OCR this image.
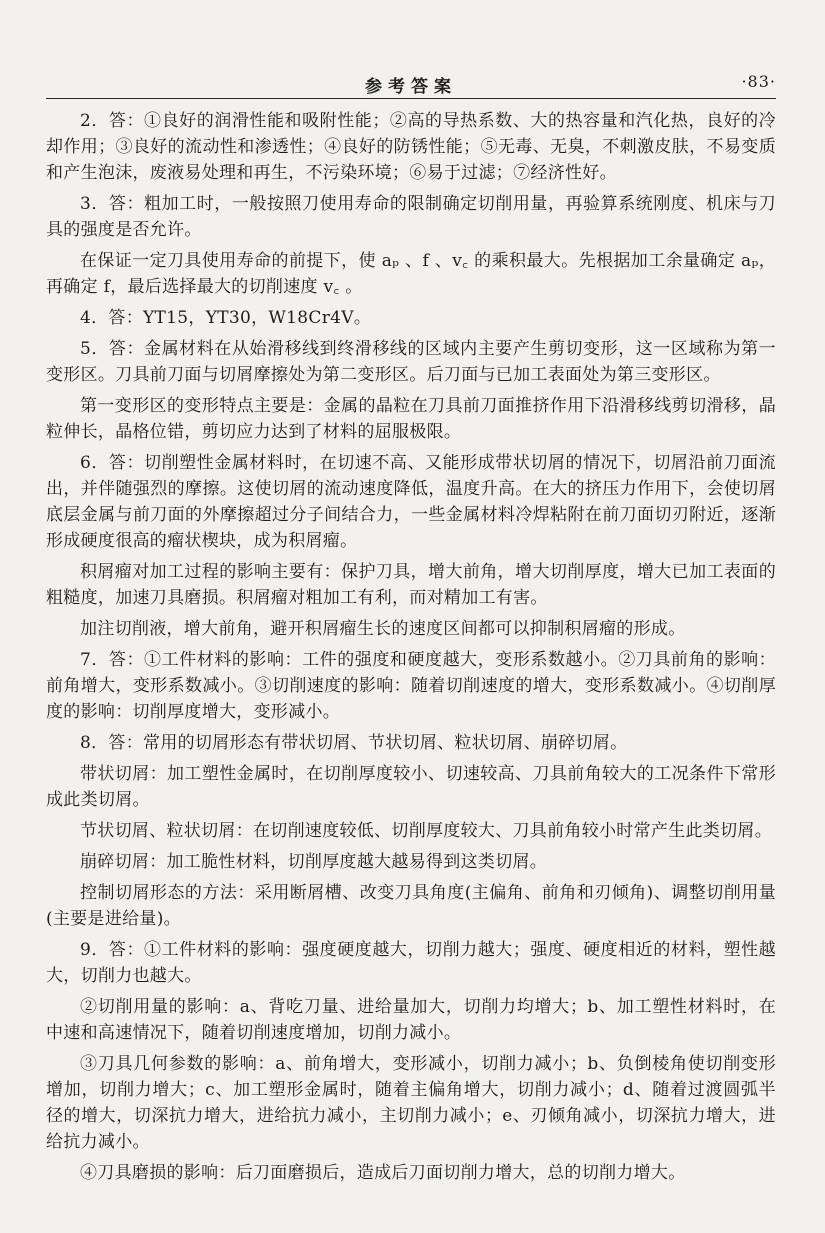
参考答案	·83·

2．答：①良好的润滑性能和吸附性能；②高的导热系数、大的热容量和汽化热，良好的冷却作用；③良好的流动性和渗透性；④良好的防锈性能；⑤无毒、无臭，不刺激皮肤，不易变质和产生泡沫，废液易处理和再生，不污染环境；⑥易于过滤；⑦经济性好。

3．答：粗加工时，一般按照刀使用寿命的限制确定切削用量，再验算系统刚度、机床与刀具的强度是否允许。

在保证一定刀具使用寿命的前提下，使 aₚ 、f 、v꜀ 的乘积最大。先根据加工余量确定 aₚ，再确定 f，最后选择最大的切削速度 v꜀ 。

4．答：YT15，YT30，W18Cr4V。

5．答：金属材料在从始滑移线到终滑移线的区域内主要产生剪切变形，这一区域称为第一变形区。刀具前刀面与切屑摩擦处为第二变形区。后刀面与已加工表面处为第三变形区。

第一变形区的变形特点主要是：金属的晶粒在刀具前刀面推挤作用下沿滑移线剪切滑移，晶粒伸长，晶格位错，剪切应力达到了材料的屈服极限。

6．答：切削塑性金属材料时，在切速不高、又能形成带状切屑的情况下，切屑沿前刀面流出，并伴随强烈的摩擦。这使切屑的流动速度降低，温度升高。在大的挤压力作用下，会使切屑底层金属与前刀面的外摩擦超过分子间结合力，一些金属材料冷焊粘附在前刀面切刃附近，逐渐形成硬度很高的瘤状楔块，成为积屑瘤。

积屑瘤对加工过程的影响主要有：保护刀具，增大前角，增大切削厚度，增大已加工表面的粗糙度，加速刀具磨损。积屑瘤对粗加工有利，而对精加工有害。

加注切削液，增大前角，避开积屑瘤生长的速度区间都可以抑制积屑瘤的形成。

7．答：①工件材料的影响：工件的强度和硬度越大，变形系数越小。②刀具前角的影响：前角增大，变形系数减小。③切削速度的影响：随着切削速度的增大，变形系数减小。④切削厚度的影响：切削厚度增大，变形减小。

8．答：常用的切屑形态有带状切屑、节状切屑、粒状切屑、崩碎切屑。

带状切屑：加工塑性金属时，在切削厚度较小、切速较高、刀具前角较大的工况条件下常形成此类切屑。

节状切屑、粒状切屑：在切削速度较低、切削厚度较大、刀具前角较小时常产生此类切屑。

崩碎切屑：加工脆性材料，切削厚度越大越易得到这类切屑。

控制切屑形态的方法：采用断屑槽、改变刀具角度(主偏角、前角和刃倾角)、调整切削用量(主要是进给量)。

9．答：①工件材料的影响：强度硬度越大，切削力越大；强度、硬度相近的材料，塑性越大，切削力也越大。

②切削用量的影响：a、背吃刀量、进给量加大，切削力均增大；b、加工塑性材料时，在中速和高速情况下，随着切削速度增加，切削力减小。

③刀具几何参数的影响：a、前角增大，变形减小，切削力减小；b、负倒棱角使切削变形增加，切削力增大；c、加工塑形金属时，随着主偏角增大，切削力减小；d、随着过渡圆弧半径的增大，切深抗力增大，进给抗力减小，主切削力减小；e、刃倾角减小，切深抗力增大，进给抗力减小。

④刀具磨损的影响：后刀面磨损后，造成后刀面切削力增大，总的切削力增大。
